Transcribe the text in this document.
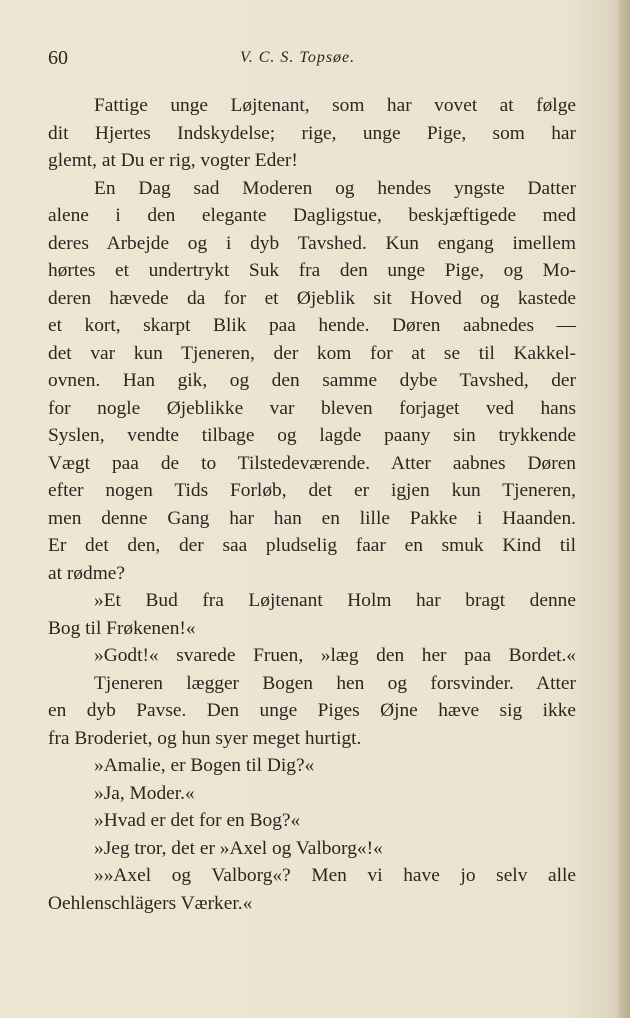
60	V. C. S. Topsøe.
Fattige unge Løjtenant, som har vovet at følge
dit Hjertes Indskydelse; rige, unge Pige, som har
glemt, at Du er rig, vogter Eder!
En Dag sad Moderen og hendes yngste Datter
alene i den elegante Dagligstue, beskjæftigede med
deres Arbejde og i dyb Tavshed. Kun engang imellem
hørtes et undertrykt Suk fra den unge Pige, og Mo-
deren hævede da for et Øjeblik sit Hoved og kastede
et kort, skarpt Blik paa hende. Døren aabnedes —
det var kun Tjeneren, der kom for at se til Kakkel-
ovnen. Han gik, og den samme dybe Tavshed, der
for nogle Øjeblikke var bleven forjaget ved hans
Syslen, vendte tilbage og lagde paany sin trykkende
Vægt paa de to Tilstedeværende. Atter aabnes Døren
efter nogen Tids Forløb, det er igjen kun Tjeneren,
men denne Gang har han en lille Pakke i Haanden.
Er det den, der saa pludselig faar en smuk Kind til
at rødme?
»Et Bud fra Løjtenant Holm har bragt denne
Bog til Frøkenen!«
»Godt!« svarede Fruen, »læg den her paa Bordet.«
Tjeneren lægger Bogen hen og forsvinder. Atter
en dyb Pavse. Den unge Piges Øjne hæve sig ikke
fra Broderiet, og hun syer meget hurtigt.
»Amalie, er Bogen til Dig?«
»Ja, Moder.«
»Hvad er det for en Bog?«
»Jeg tror, det er »Axel og Valborg«!«
»»Axel og Valborg«? Men vi have jo selv alle
Oehlenschlägers Værker.«
